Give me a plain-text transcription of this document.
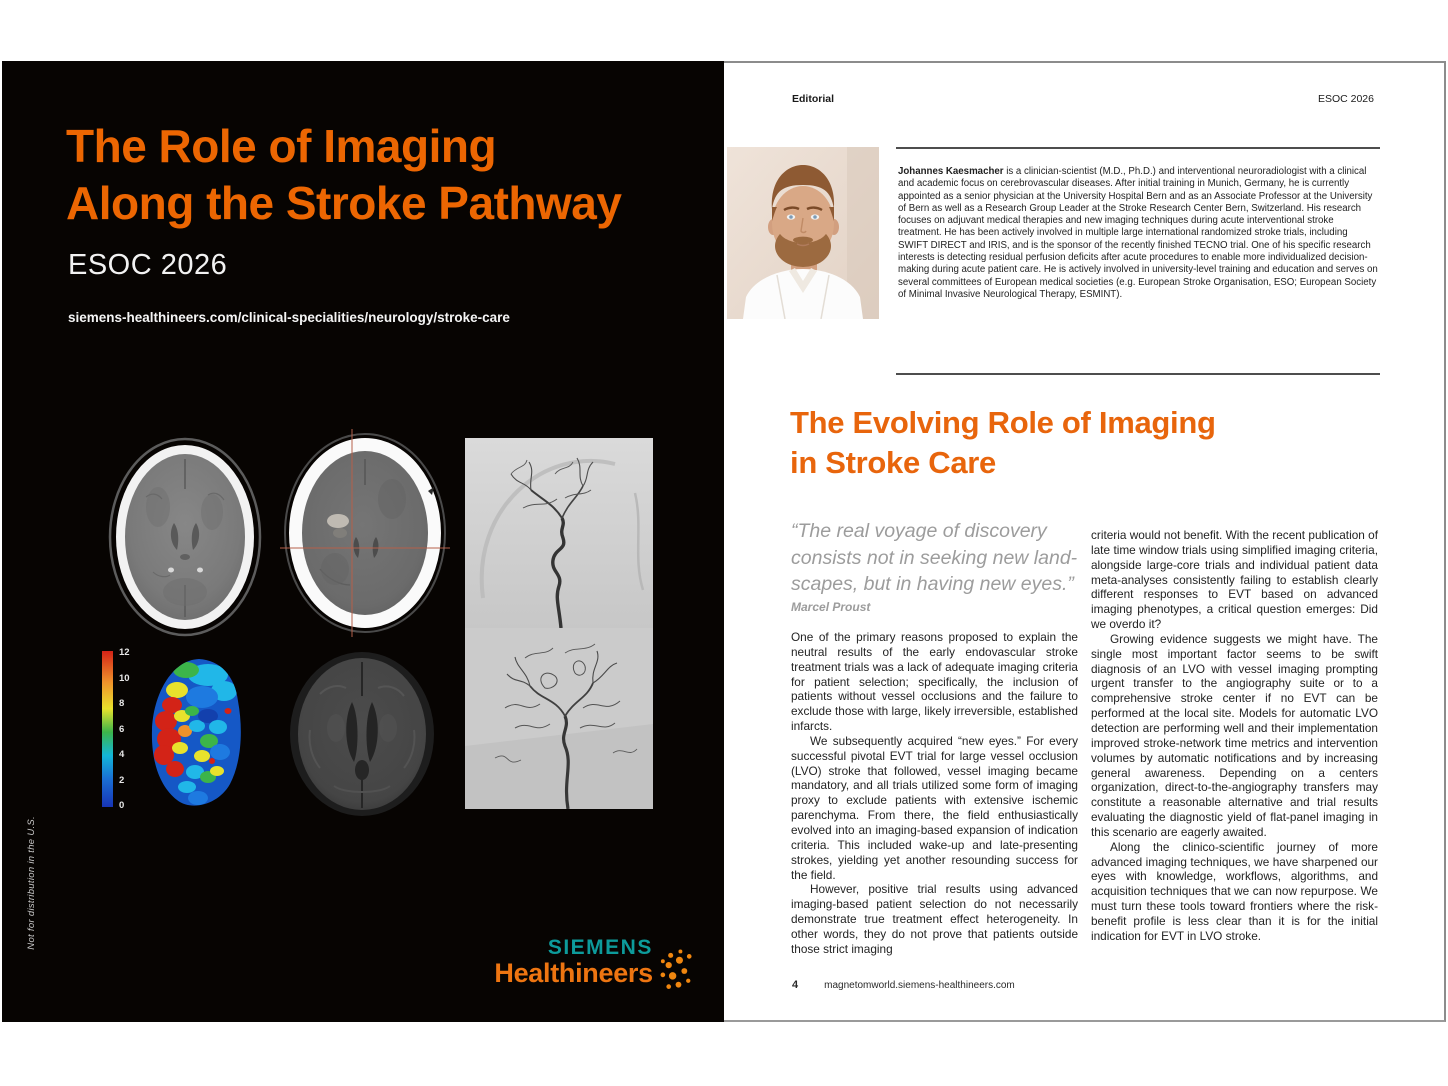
The Role of Imaging
Along the Stroke Pathway
ESOC 2026
siemens-healthineers.com/clinical-specialities/neurology/stroke-care
12
10
8
6
4
2
0
SIEMENS
Healthineers
Not for distribution in the U.S.
Editorial	ESOC 2026
Johannes Kaesmacher is a clinician-scientist (M.D., Ph.D.) and interventional neuroradiologist with a clinical and academic focus on cerebrovascular diseases. After initial training in Munich, Germany, he is currently appointed as a senior physician at the University Hospital Bern and as an Associate Professor at the University of Bern as well as a Research Group Leader at the Stroke Research Center Bern, Switzerland. His research focuses on adjuvant medical therapies and new imaging techniques during acute interventional stroke treatment. He has been actively involved in multiple large international randomized stroke trials, including SWIFT DIRECT and IRIS, and is the sponsor of the recently finished TECNO trial. One of his specific research interests is detecting residual perfusion deficits after acute procedures to enable more individualized decision-making during acute patient care. He is actively involved in university-level training and education and serves on several committees of European medical societies (e.g. European Stroke Organisation, ESO; European Society of Minimal Invasive Neurological Therapy, ESMINT).
The Evolving Role of Imaging
in Stroke Care
“The real voyage of discovery
consists not in seeking new land-
scapes, but in having new eyes.”
Marcel Proust

One of the primary reasons proposed to explain the neutral results of the early endovascular stroke treatment trials was a lack of adequate imaging criteria for patient selection; specifically, the inclusion of patients without vessel occlusions and the failure to exclude those with large, likely irreversible, established infarcts.

We subsequently acquired “new eyes.” For every successful pivotal EVT trial for large vessel occlusion (LVO) stroke that followed, vessel imaging became mandatory, and all trials utilized some form of imaging proxy to exclude patients with extensive ischemic parenchyma. From there, the field enthusiastically evolved into an imaging-based expansion of indication criteria. This included wake-up and late-presenting strokes, yielding yet another resounding success for the field.

However, positive trial results using advanced imaging-based patient selection do not necessarily demonstrate true treatment effect heterogeneity. In other words, they do not prove that patients outside those strict imaging

criteria would not benefit. With the recent publication of late time window trials using simplified imaging criteria, alongside large-core trials and individual patient data meta-analyses consistently failing to establish clearly different responses to EVT based on advanced imaging phenotypes, a critical question emerges: Did we overdo it?

Growing evidence suggests we might have. The single most important factor seems to be swift diagnosis of an LVO with vessel imaging prompting urgent transfer to the angiography suite or to a comprehensive stroke center if no EVT can be performed at the local site. Models for automatic LVO detection are performing well and their implementation improved stroke-network time metrics and intervention volumes by automatic notifications and by increasing general awareness. Depending on a centers organization, direct-to-the-angiography transfers may constitute a reasonable alternative and trial results evaluating the diagnostic yield of flat-panel imaging in this scenario are eagerly awaited.

Along the clinico-scientific journey of more advanced imaging techniques, we have sharpened our eyes with knowledge, workflows, algorithms, and acquisition techniques that we can now repurpose. We must turn these tools toward frontiers where the risk-benefit profile is less clear than it is for the initial indication for EVT in LVO stroke.

4	magnetomworld.siemens-healthineers.com
